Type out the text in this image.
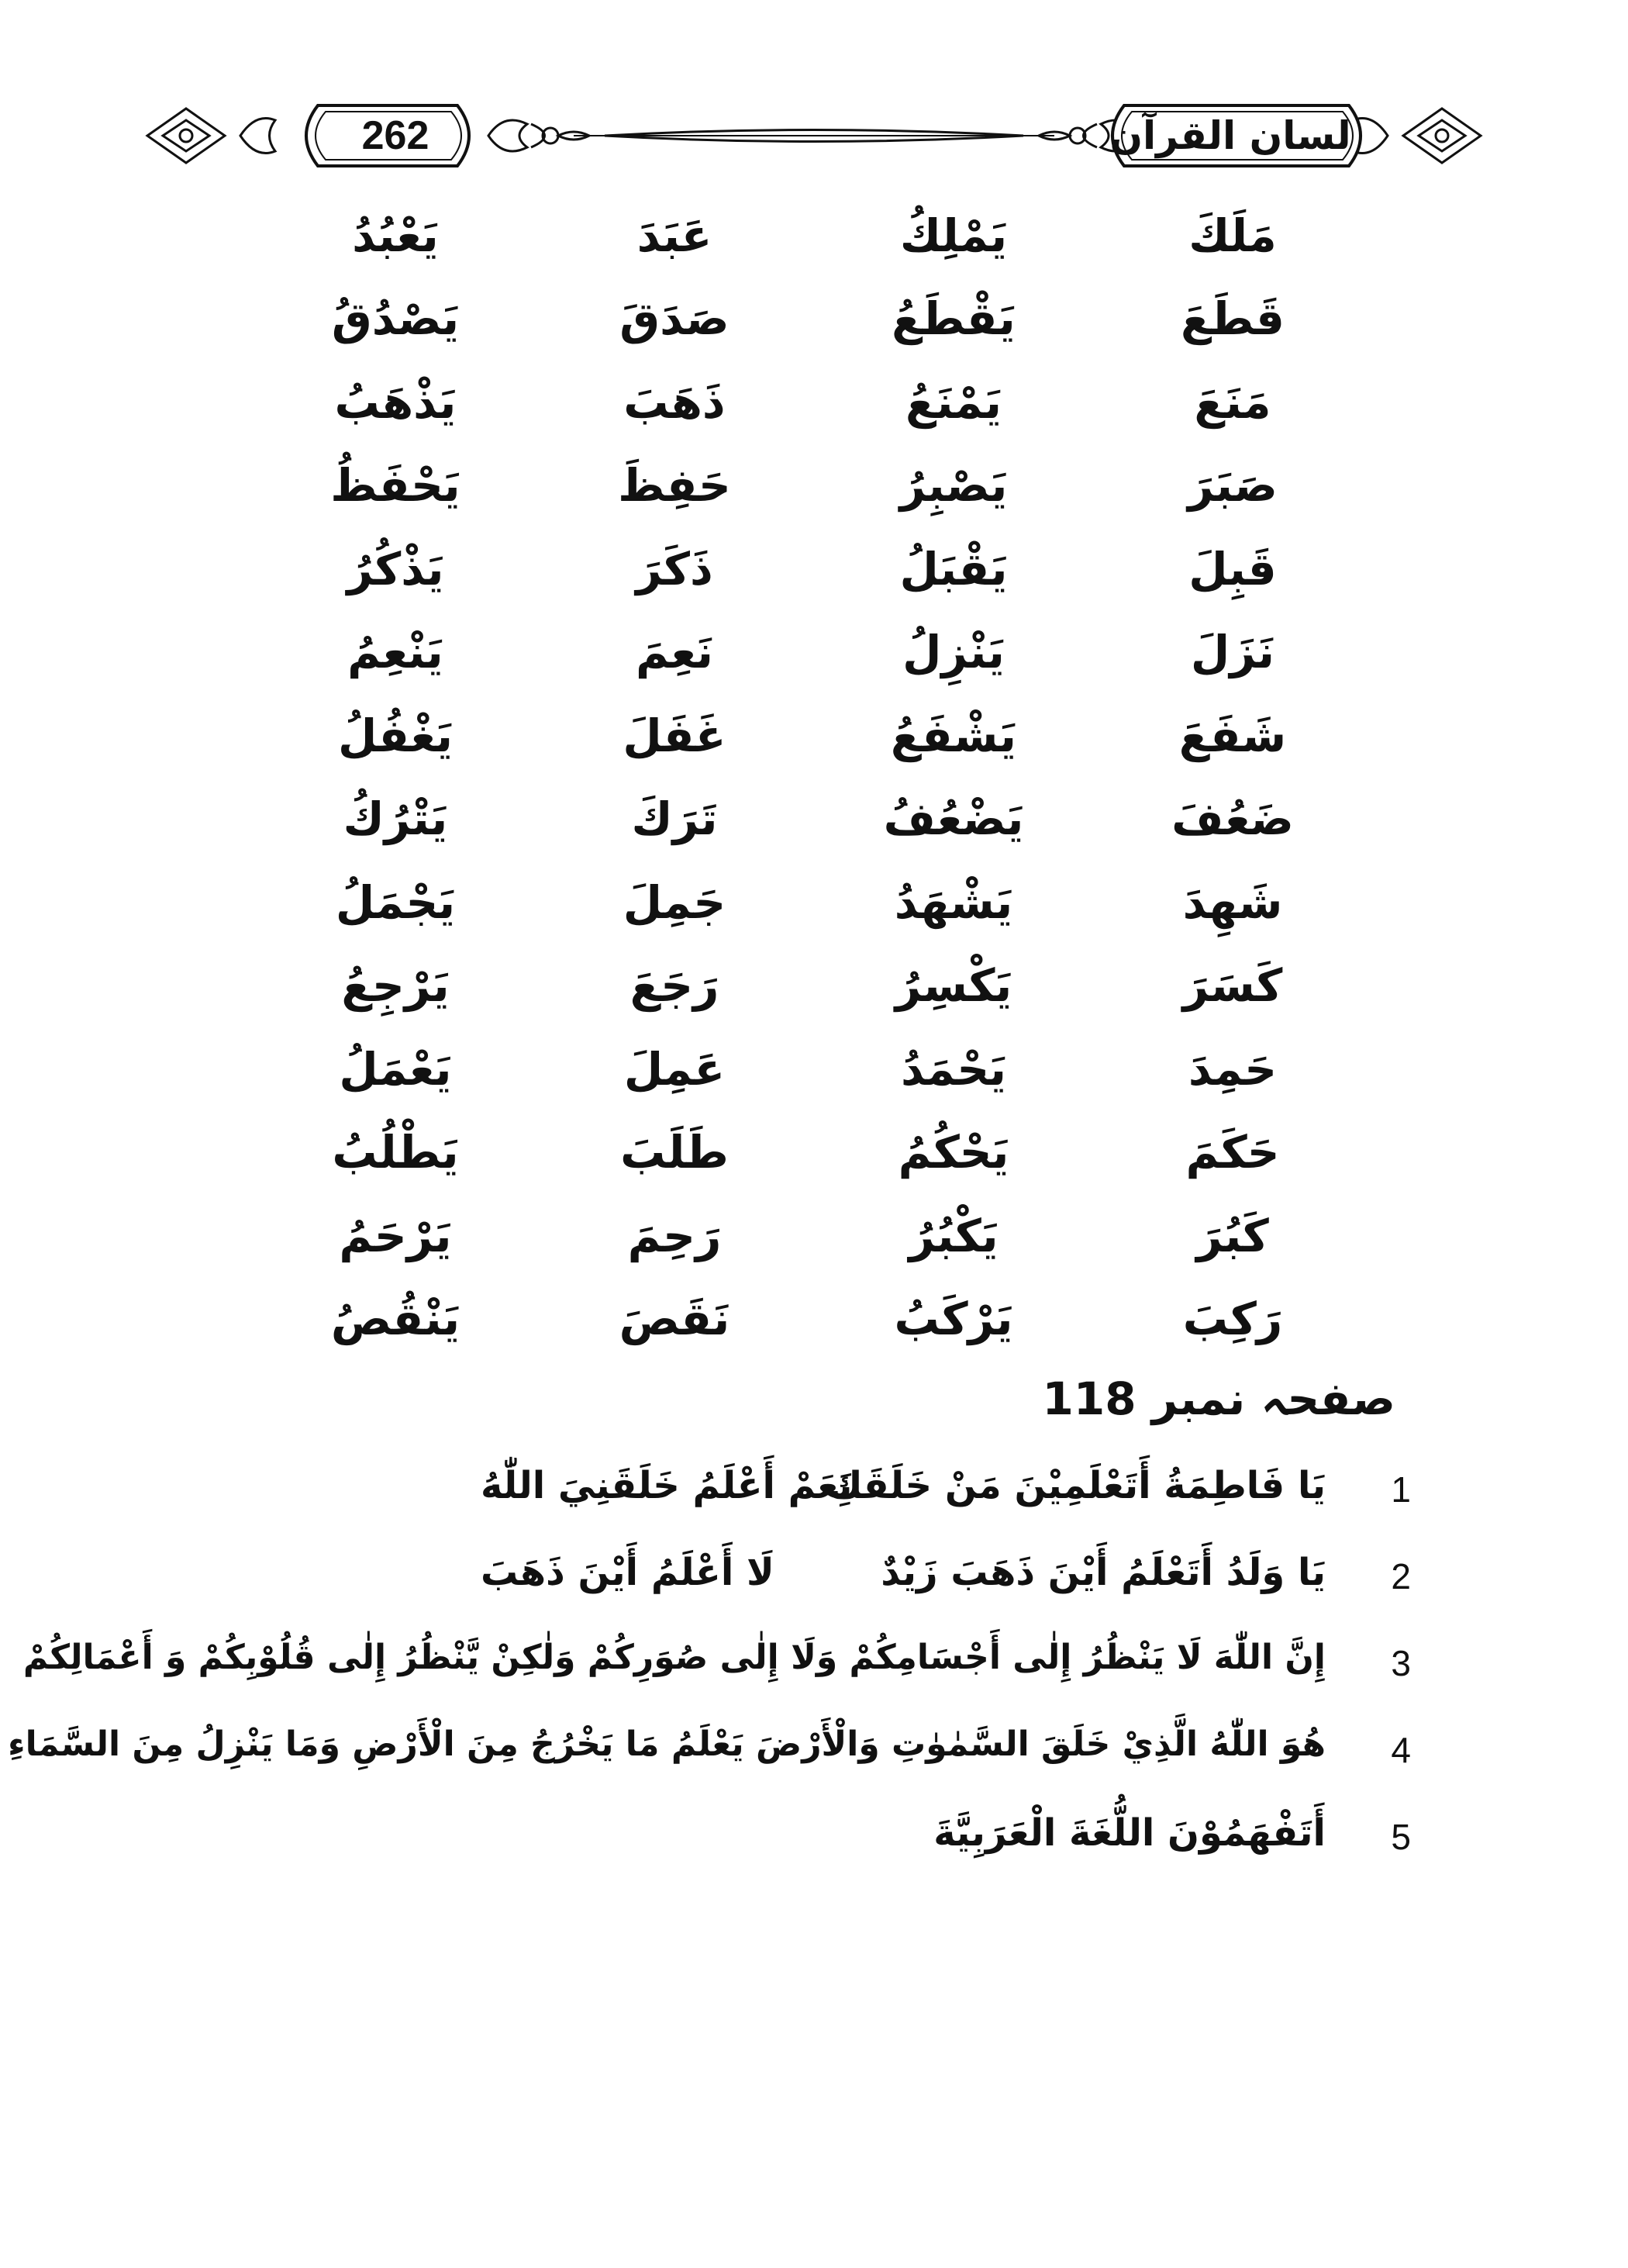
262	لسان القرآن
مَلَكَ	يَمْلِكُ	عَبَدَ	يَعْبُدُ
قَطَعَ	يَقْطَعُ	صَدَقَ	يَصْدُقُ
مَنَعَ	يَمْنَعُ	ذَهَبَ	يَذْهَبُ
صَبَرَ	يَصْبِرُ	حَفِظَ	يَحْفَظُ
قَبِلَ	يَقْبَلُ	ذَكَرَ	يَذْكُرُ
نَزَلَ	يَنْزِلُ	نَعِمَ	يَنْعِمُ
شَفَعَ	يَشْفَعُ	غَفَلَ	يَغْفُلُ
ضَعُفَ	يَضْعُفُ	تَرَكَ	يَتْرُكُ
شَهِدَ	يَشْهَدُ	جَمِلَ	يَجْمَلُ
كَسَرَ	يَكْسِرُ	رَجَعَ	يَرْجِعُ
حَمِدَ	يَحْمَدُ	عَمِلَ	يَعْمَلُ
حَكَمَ	يَحْكُمُ	طَلَبَ	يَطْلُبُ
كَبُرَ	يَكْبُرُ	رَحِمَ	يَرْحَمُ
رَكِبَ	يَرْكَبُ	نَقَصَ	يَنْقُصُ
صفحہ نمبر 118
1
يَا فَاطِمَةُ أَتَعْلَمِيْنَ مَنْ خَلَقَكِ
نَعَمْ أَعْلَمُ خَلَقَنِيَ اللّٰهُ
2
يَا وَلَدُ أَتَعْلَمُ أَيْنَ ذَهَبَ زَيْدٌ
لَا أَعْلَمُ أَيْنَ ذَهَبَ
3
إِنَّ اللّٰهَ لَا يَنْظُرُ إِلٰى أَجْسَامِكُمْ وَلَا إِلٰى صُوَرِكُمْ وَلٰكِنْ يَّنْظُرُ إِلٰى قُلُوْبِكُمْ وَ أَعْمَالِكُمْ
4
هُوَ اللّٰهُ الَّذِيْ خَلَقَ السَّمٰوٰتِ وَالْأَرْضَ يَعْلَمُ مَا يَخْرُجُ مِنَ الْأَرْضِ وَمَا يَنْزِلُ مِنَ السَّمَاءِ
5
أَتَفْهَمُوْنَ اللُّغَةَ الْعَرَبِيَّةَ
